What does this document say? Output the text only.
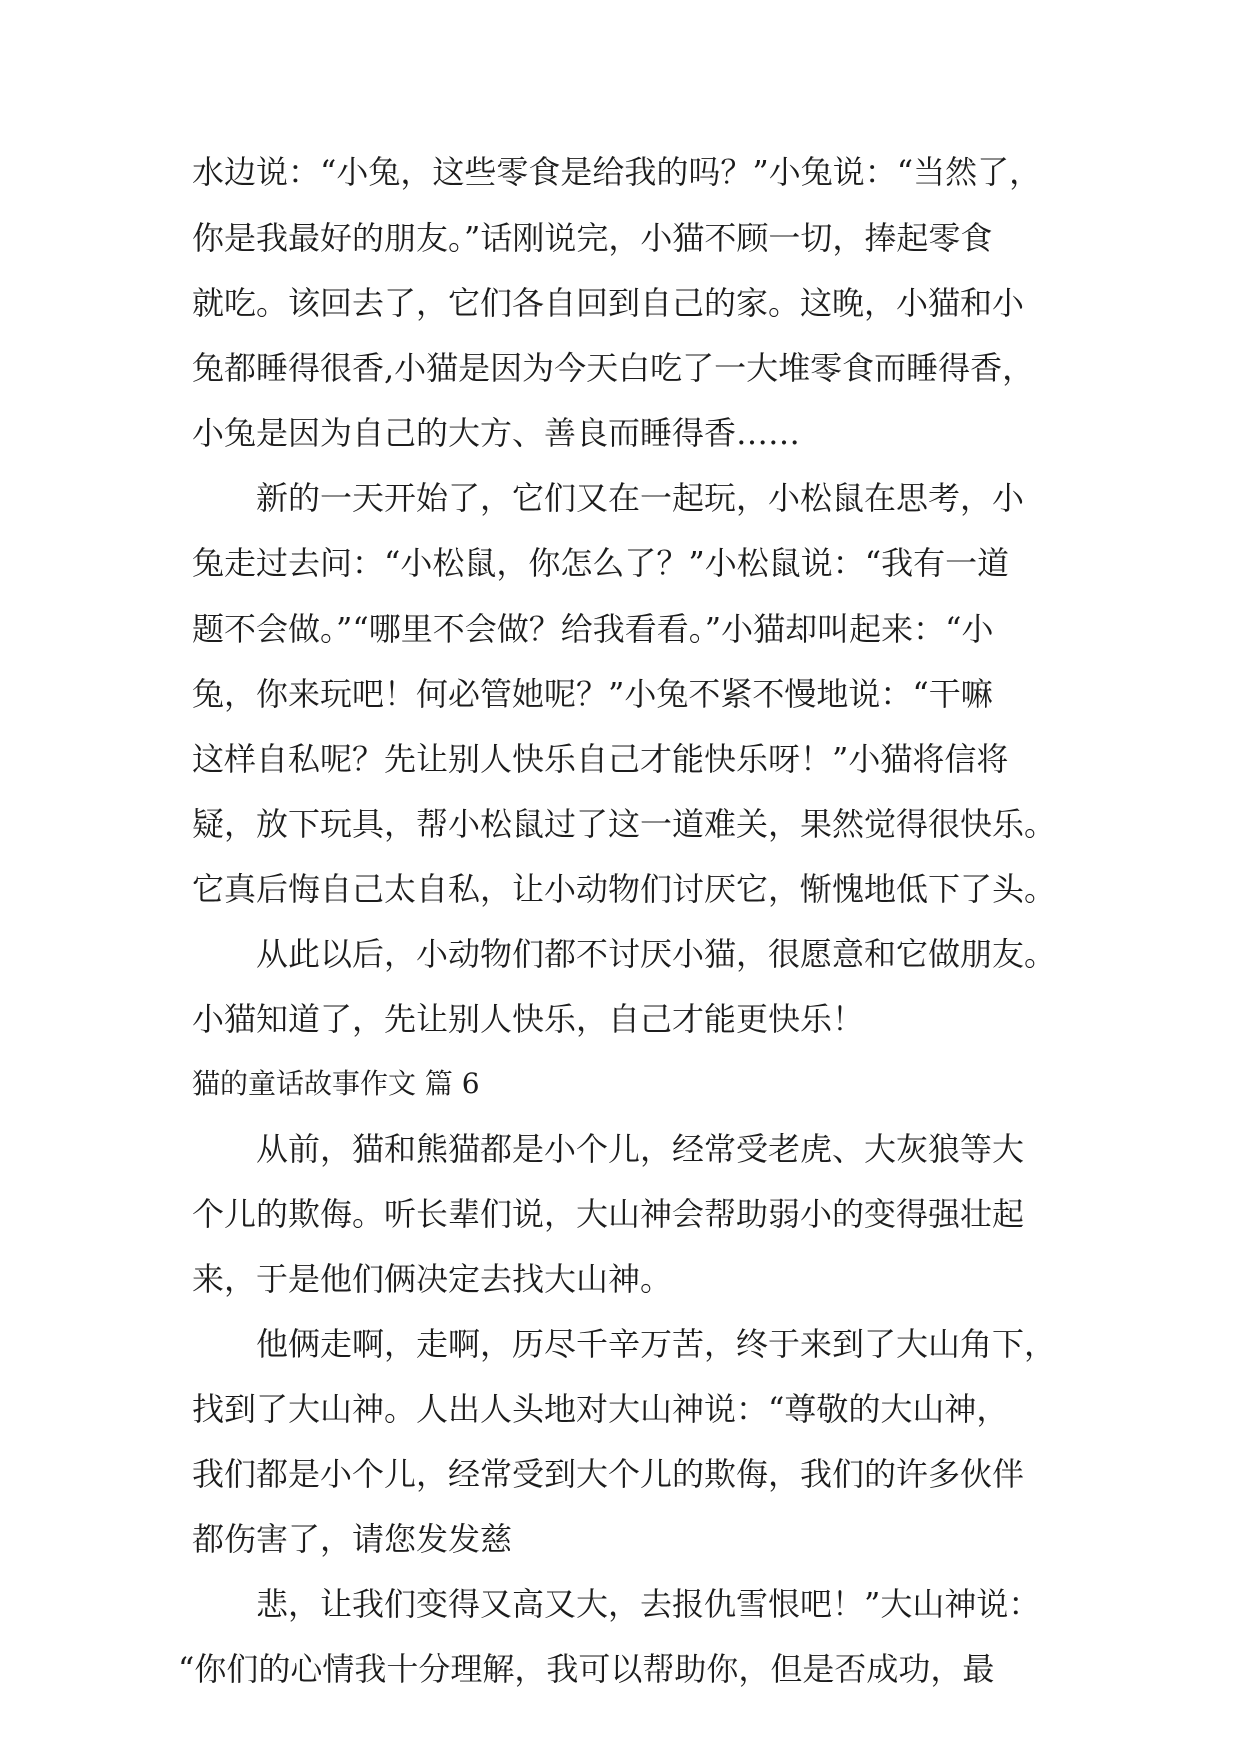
水边说：“小兔，这些零食是给我的吗？”小兔说：“当然了，
你是我最好的朋友。”话刚说完，小猫不顾一切，捧起零食
就吃。该回去了，它们各自回到自己的家。这晚，小猫和小
兔都睡得很香,小猫是因为今天白吃了一大堆零食而睡得香，
小兔是因为自己的大方、善良而睡得香……
新的一天开始了，它们又在一起玩，小松鼠在思考，小
兔走过去问：“小松鼠，你怎么了？”小松鼠说：“我有一道
题不会做。”“哪里不会做？给我看看。”小猫却叫起来：“小
兔，你来玩吧！何必管她呢？”小兔不紧不慢地说：“干嘛
这样自私呢？先让别人快乐自己才能快乐呀！”小猫将信将
疑，放下玩具，帮小松鼠过了这一道难关，果然觉得很快乐。
它真后悔自己太自私，让小动物们讨厌它，惭愧地低下了头。
从此以后，小动物们都不讨厌小猫，很愿意和它做朋友。
小猫知道了，先让别人快乐，自己才能更快乐！
猫的童话故事作文 篇 6
从前，猫和熊猫都是小个儿，经常受老虎、大灰狼等大
个儿的欺侮。听长辈们说，大山神会帮助弱小的变得强壮起
来，于是他们俩决定去找大山神。
他俩走啊，走啊，历尽千辛万苦，终于来到了大山角下，
找到了大山神。人出人头地对大山神说：“尊敬的大山神，
我们都是小个儿，经常受到大个儿的欺侮，我们的许多伙伴
都伤害了，请您发发慈
悲，让我们变得又高又大，去报仇雪恨吧！”大山神说：
“你们的心情我十分理解，我可以帮助你，但是否成功，最
